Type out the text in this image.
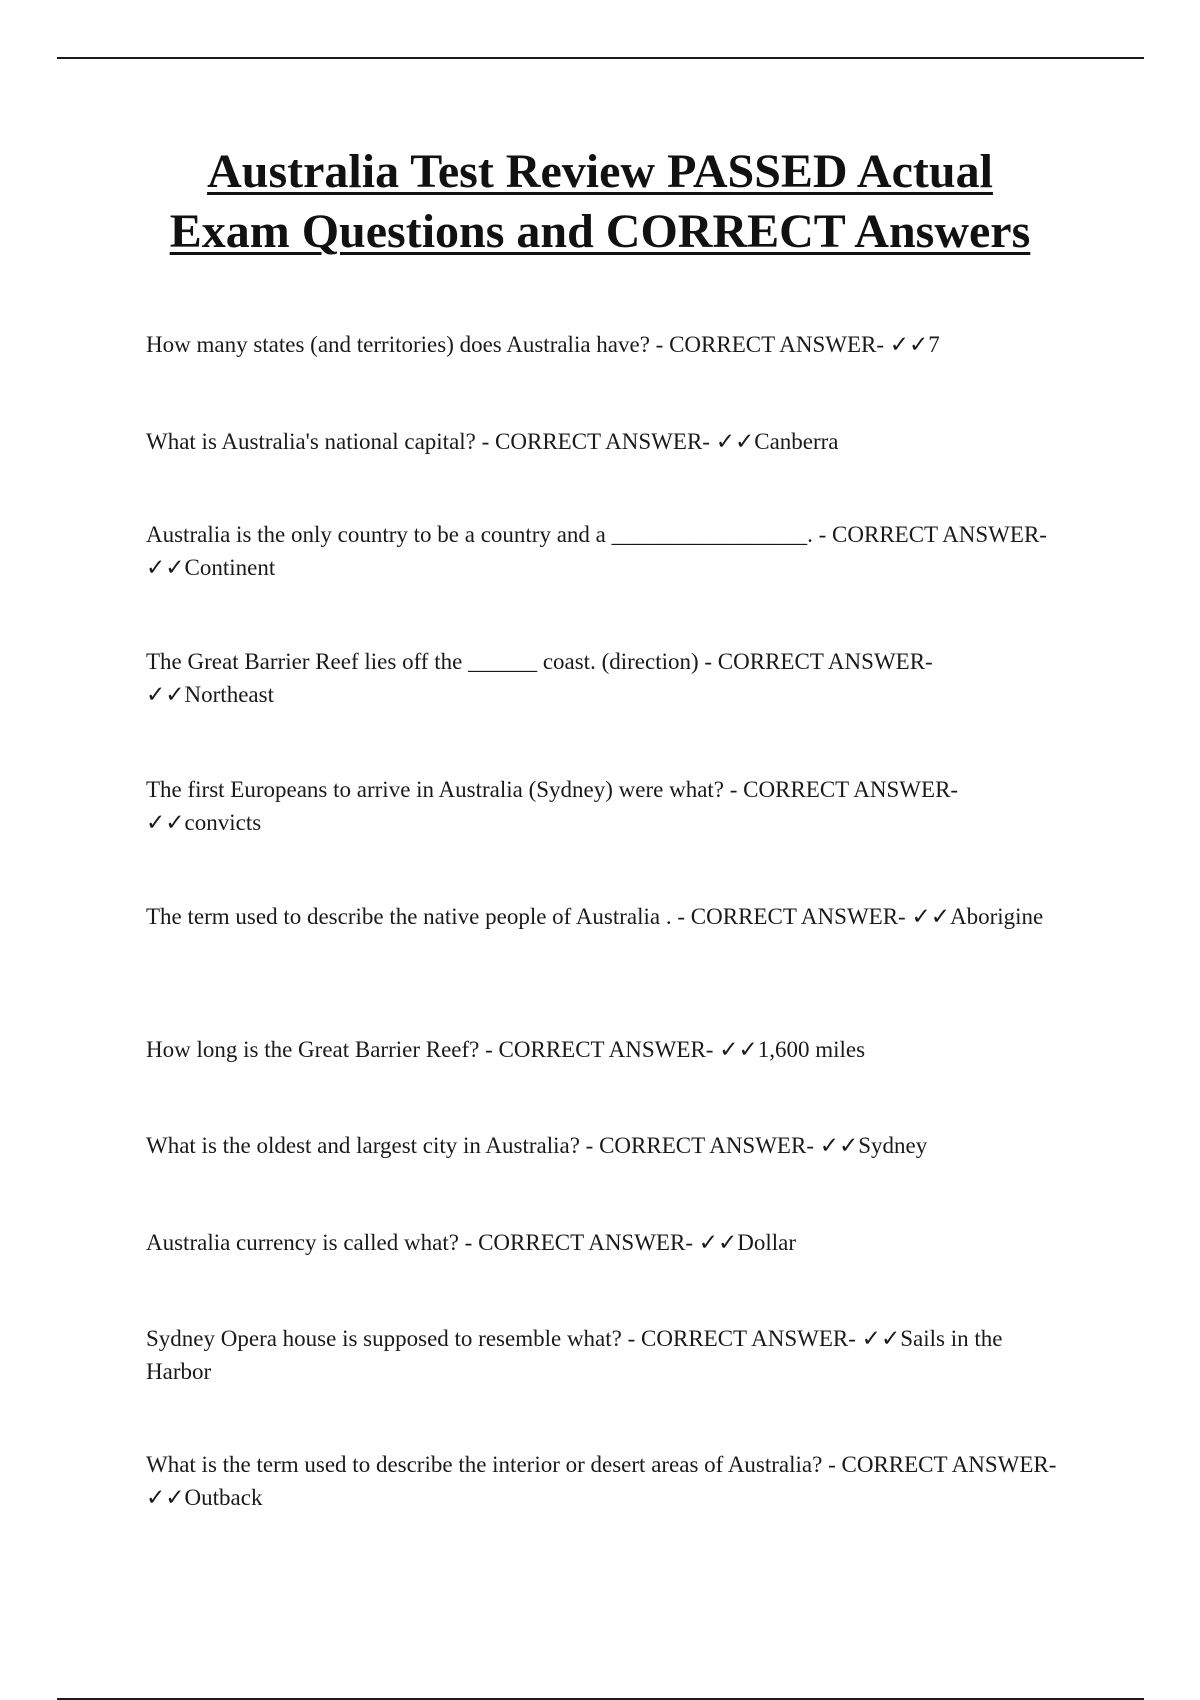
Australia Test Review PASSED Actual
Exam Questions and CORRECT Answers

How many states (and territories) does Australia have? - CORRECT ANSWER- ✓✓7

What is Australia's national capital? - CORRECT ANSWER- ✓✓Canberra

Australia is the only country to be a country and a _________________. - CORRECT ANSWER- ✓✓Continent

The Great Barrier Reef lies off the ______ coast. (direction) - CORRECT ANSWER- ✓✓Northeast

The first Europeans to arrive in Australia (Sydney) were what? - CORRECT ANSWER- ✓✓convicts

The term used to describe the native people of Australia . - CORRECT ANSWER- ✓✓Aborigine

How long is the Great Barrier Reef? - CORRECT ANSWER- ✓✓1,600 miles

What is the oldest and largest city in Australia? - CORRECT ANSWER- ✓✓Sydney

Australia currency is called what? - CORRECT ANSWER- ✓✓Dollar

Sydney Opera house is supposed to resemble what? - CORRECT ANSWER- ✓✓Sails in the Harbor

What is the term used to describe the interior or desert areas of Australia? - CORRECT ANSWER- ✓✓Outback
